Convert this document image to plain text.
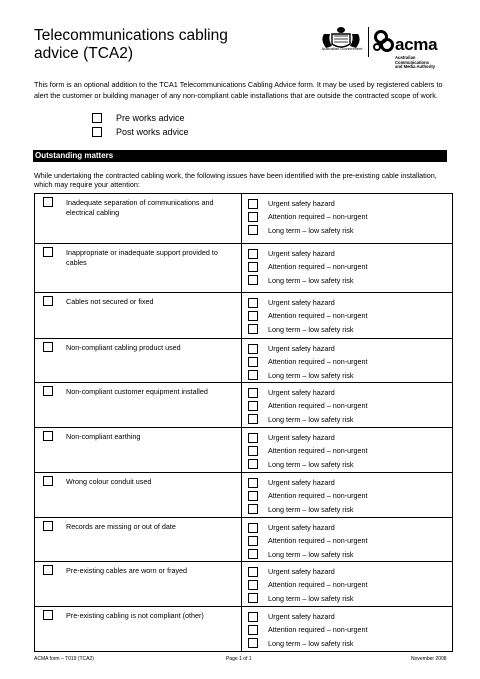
Telecommunications cabling advice (TCA2)	Australian Government acma
Australian
Communications
and Media Authority
This form is an optional addition to the TCA1 Telecommunications Cabling Advice form. It may be used by registered cablers to alert the customer or building manager of any non-compliant cable installations that are outside the contracted scope of work.
Pre works advice
Post works advice
Outstanding matters
While undertaking the contracted cabling work, the following issues have been identified with the pre-existing cable installation, which may require your attention:
Inadequate separation of communications and electrical cabling
Urgent safety hazard
Attention required – non-urgent
Long term – low safety risk
Inappropriate or inadequate support provided to cables
Urgent safety hazard
Attention required – non-urgent
Long term – low safety risk
Cables not secured or fixed	Urgent safety hazard
Attention required – non-urgent
Long term – low safety risk
Non-compliant cabling product used	Urgent safety hazard
Attention required – non-urgent
Long term – low safety risk
Non-compliant customer equipment installed	Urgent safety hazard
Attention required – non-urgent
Long term – low safety risk
Non-compliant earthing	Urgent safety hazard
Attention required – non-urgent
Long term – low safety risk
Wrong colour conduit used	Urgent safety hazard
Attention required – non-urgent
Long term – low safety risk
Records are missing or out of date	Urgent safety hazard
Attention required – non-urgent
Long term – low safety risk
Pre-existing cables are worn or frayed	Urgent safety hazard
Attention required – non-urgent
Long term – low safety risk
Pre-existing cabling is not compliant (other)	Urgent safety hazard
Attention required – non-urgent
Long term – low safety risk
ACMA form – T019 (TCA2)	Page 1 of 1	November 2008
